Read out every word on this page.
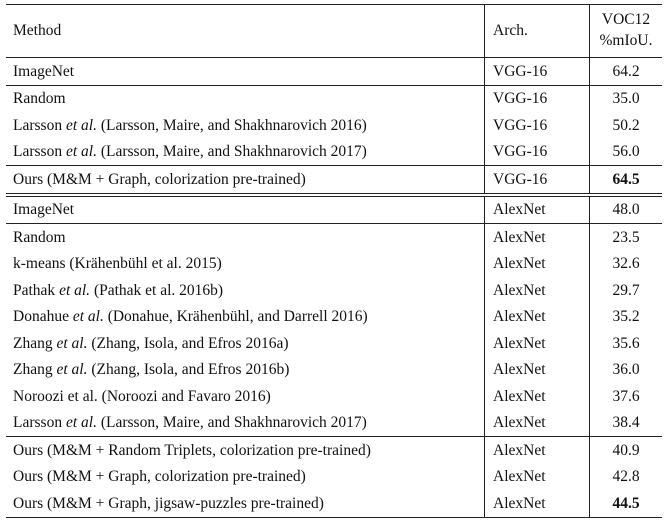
Method	Arch.	VOC12
%mIoU.
ImageNet	VGG-16	64.2
Random	VGG-16	35.0
Larsson et al. (Larsson, Maire, and Shakhnarovich 2016)	VGG-16	50.2
Larsson et al. (Larsson, Maire, and Shakhnarovich 2017)	VGG-16	56.0
Ours (M&M + Graph, colorization pre-trained)	VGG-16	64.5
ImageNet	AlexNet	48.0
Random	AlexNet	23.5
k-means (Krähenbühl et al. 2015)	AlexNet	32.6
Pathak et al. (Pathak et al. 2016b)	AlexNet	29.7
Donahue et al. (Donahue, Krähenbühl, and Darrell 2016)	AlexNet	35.2
Zhang et al. (Zhang, Isola, and Efros 2016a)	AlexNet	35.6
Zhang et al. (Zhang, Isola, and Efros 2016b)	AlexNet	36.0
Noroozi et al. (Noroozi and Favaro 2016)	AlexNet	37.6
Larsson et al. (Larsson, Maire, and Shakhnarovich 2017)	AlexNet	38.4
Ours (M&M + Random Triplets, colorization pre-trained)	AlexNet	40.9
Ours (M&M + Graph, colorization pre-trained)	AlexNet	42.8
Ours (M&M + Graph, jigsaw-puzzles pre-trained)	AlexNet	44.5
